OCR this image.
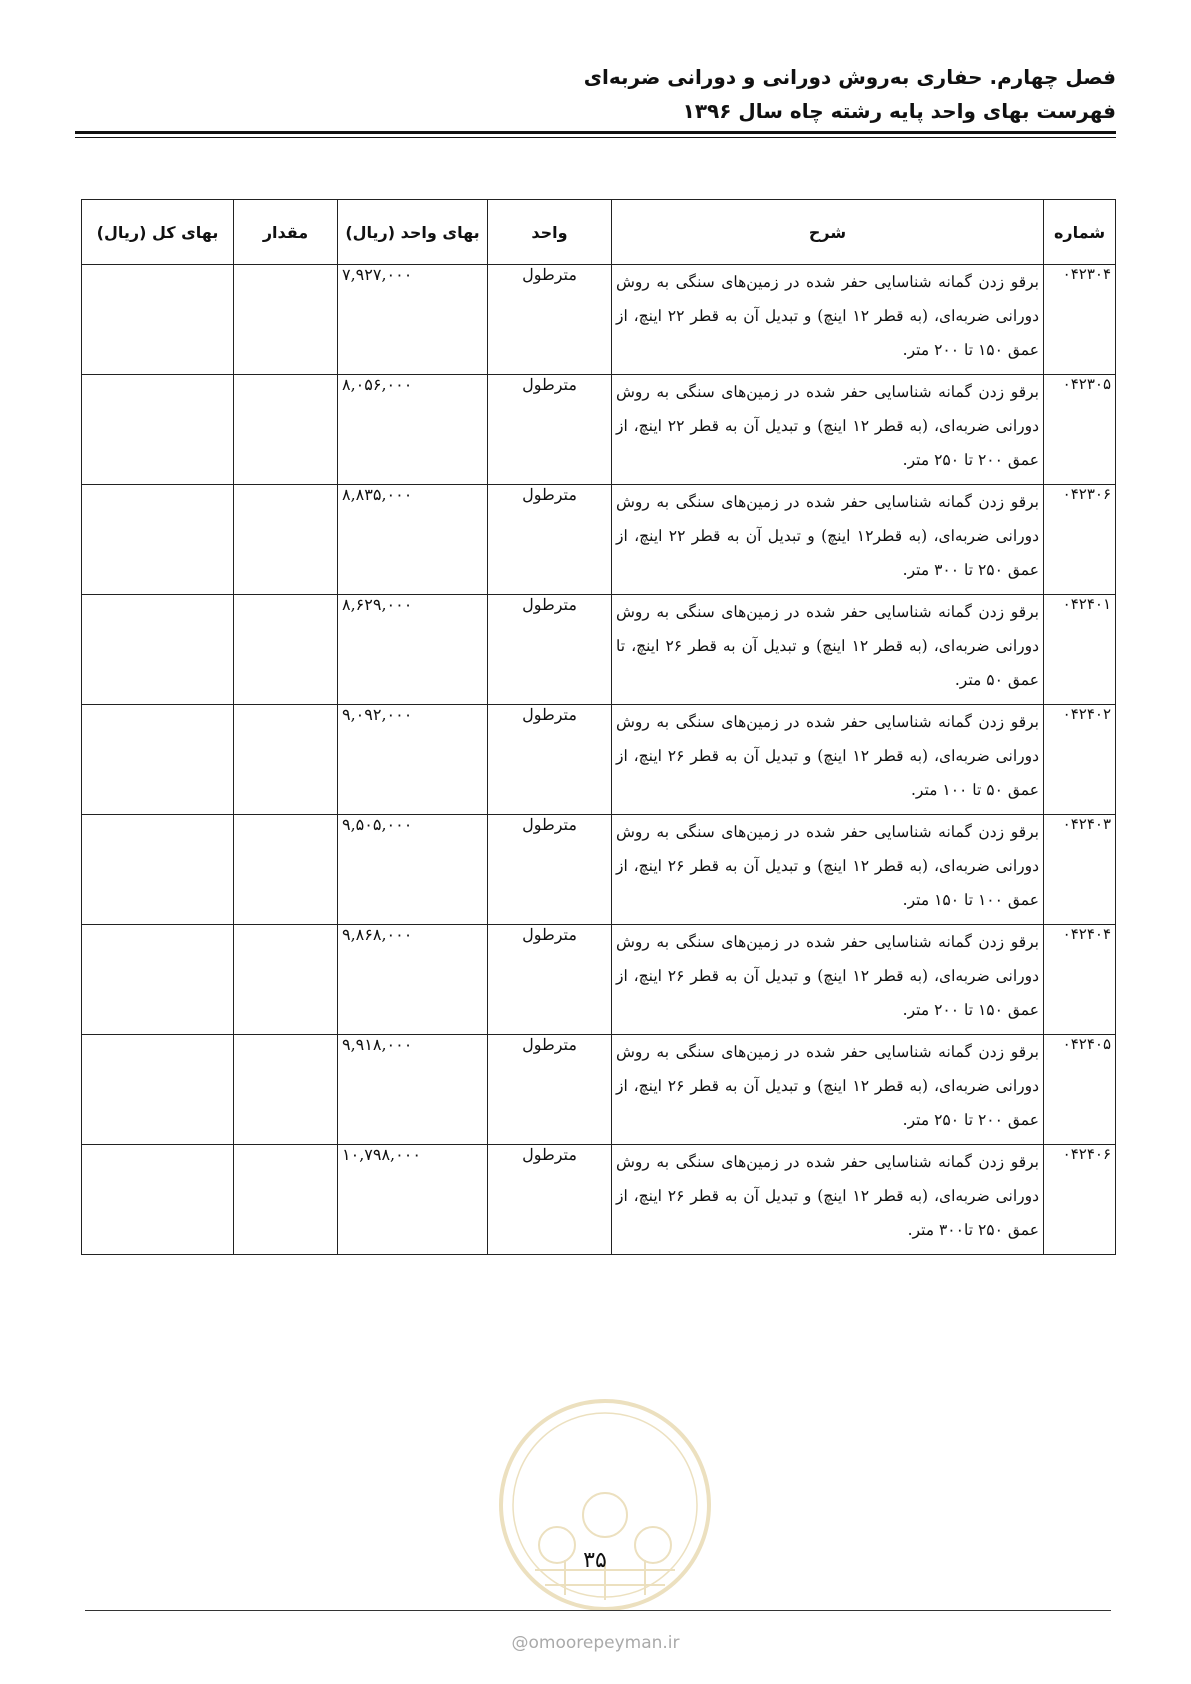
فصل چهارم. حفاری به‌روش دورانی و دورانی ضربه‌ای
فهرست بهای واحد پایه رشته چاه سال ۱۳۹۶
شماره	شرح	واحد	بهای واحد (ریال)	مقدار	بهای کل (ریال)
۰۴۲۳۰۴	برقو زدن گمانه شناسایی حفر شده در زمین‌های سنگی به روش دورانی ضربه‌ای، (به قطر ۱۲ اینچ) و تبدیل آن به قطر ۲۲ اینچ، از عمق ۱۵۰ تا ۲۰۰ متر.	مترطول	۷,۹۲۷,۰۰۰		
۰۴۲۳۰۵	برقو زدن گمانه شناسایی حفر شده در زمین‌های سنگی به روش دورانی ضربه‌ای، (به قطر ۱۲ اینچ) و تبدیل آن به قطر ۲۲ اینچ، از عمق ۲۰۰ تا ۲۵۰ متر.	مترطول	۸,۰۵۶,۰۰۰		
۰۴۲۳۰۶	برقو زدن گمانه شناسایی حفر شده در زمین‌های سنگی به روش دورانی ضربه‌ای، (به قطر۱۲ اینچ) و تبدیل آن به قطر ۲۲ اینچ، از عمق ۲۵۰ تا ۳۰۰ متر.	مترطول	۸,۸۳۵,۰۰۰		
۰۴۲۴۰۱	برقو زدن گمانه شناسایی حفر شده در زمین‌های سنگی به روش دورانی ضربه‌ای، (به قطر ۱۲ اینچ) و تبدیل آن به قطر ۲۶ اینچ، تا عمق ۵۰ متر.	مترطول	۸,۶۲۹,۰۰۰		
۰۴۲۴۰۲	برقو زدن گمانه شناسایی حفر شده در زمین‌های سنگی به روش دورانی ضربه‌ای، (به قطر ۱۲ اینچ) و تبدیل آن به قطر ۲۶ اینچ، از عمق ۵۰ تا ۱۰۰ متر.	مترطول	۹,۰۹۲,۰۰۰		
۰۴۲۴۰۳	برقو زدن گمانه شناسایی حفر شده در زمین‌های سنگی به روش دورانی ضربه‌ای، (به قطر ۱۲ اینچ) و تبدیل آن به قطر ۲۶ اینچ، از عمق ۱۰۰ تا ۱۵۰ متر.	مترطول	۹,۵۰۵,۰۰۰		
۰۴۲۴۰۴	برقو زدن گمانه شناسایی حفر شده در زمین‌های سنگی به روش دورانی ضربه‌ای، (به قطر ۱۲ اینچ) و تبدیل آن به قطر ۲۶ اینچ، از عمق ۱۵۰ تا ۲۰۰ متر.	مترطول	۹,۸۶۸,۰۰۰		
۰۴۲۴۰۵	برقو زدن گمانه شناسایی حفر شده در زمین‌های سنگی به روش دورانی ضربه‌ای، (به قطر ۱۲ اینچ) و تبدیل آن به قطر ۲۶ اینچ، از عمق ۲۰۰ تا ۲۵۰ متر.	مترطول	۹,۹۱۸,۰۰۰		
۰۴۲۴۰۶	برقو زدن گمانه شناسایی حفر شده در زمین‌های سنگی به روش دورانی ضربه‌ای، (به قطر ۱۲ اینچ) و تبدیل آن به قطر ۲۶ اینچ، از عمق ۲۵۰ تا۳۰۰ متر.	مترطول	۱۰,۷۹۸,۰۰۰		
۳۵
@omoorepeyman.ir
